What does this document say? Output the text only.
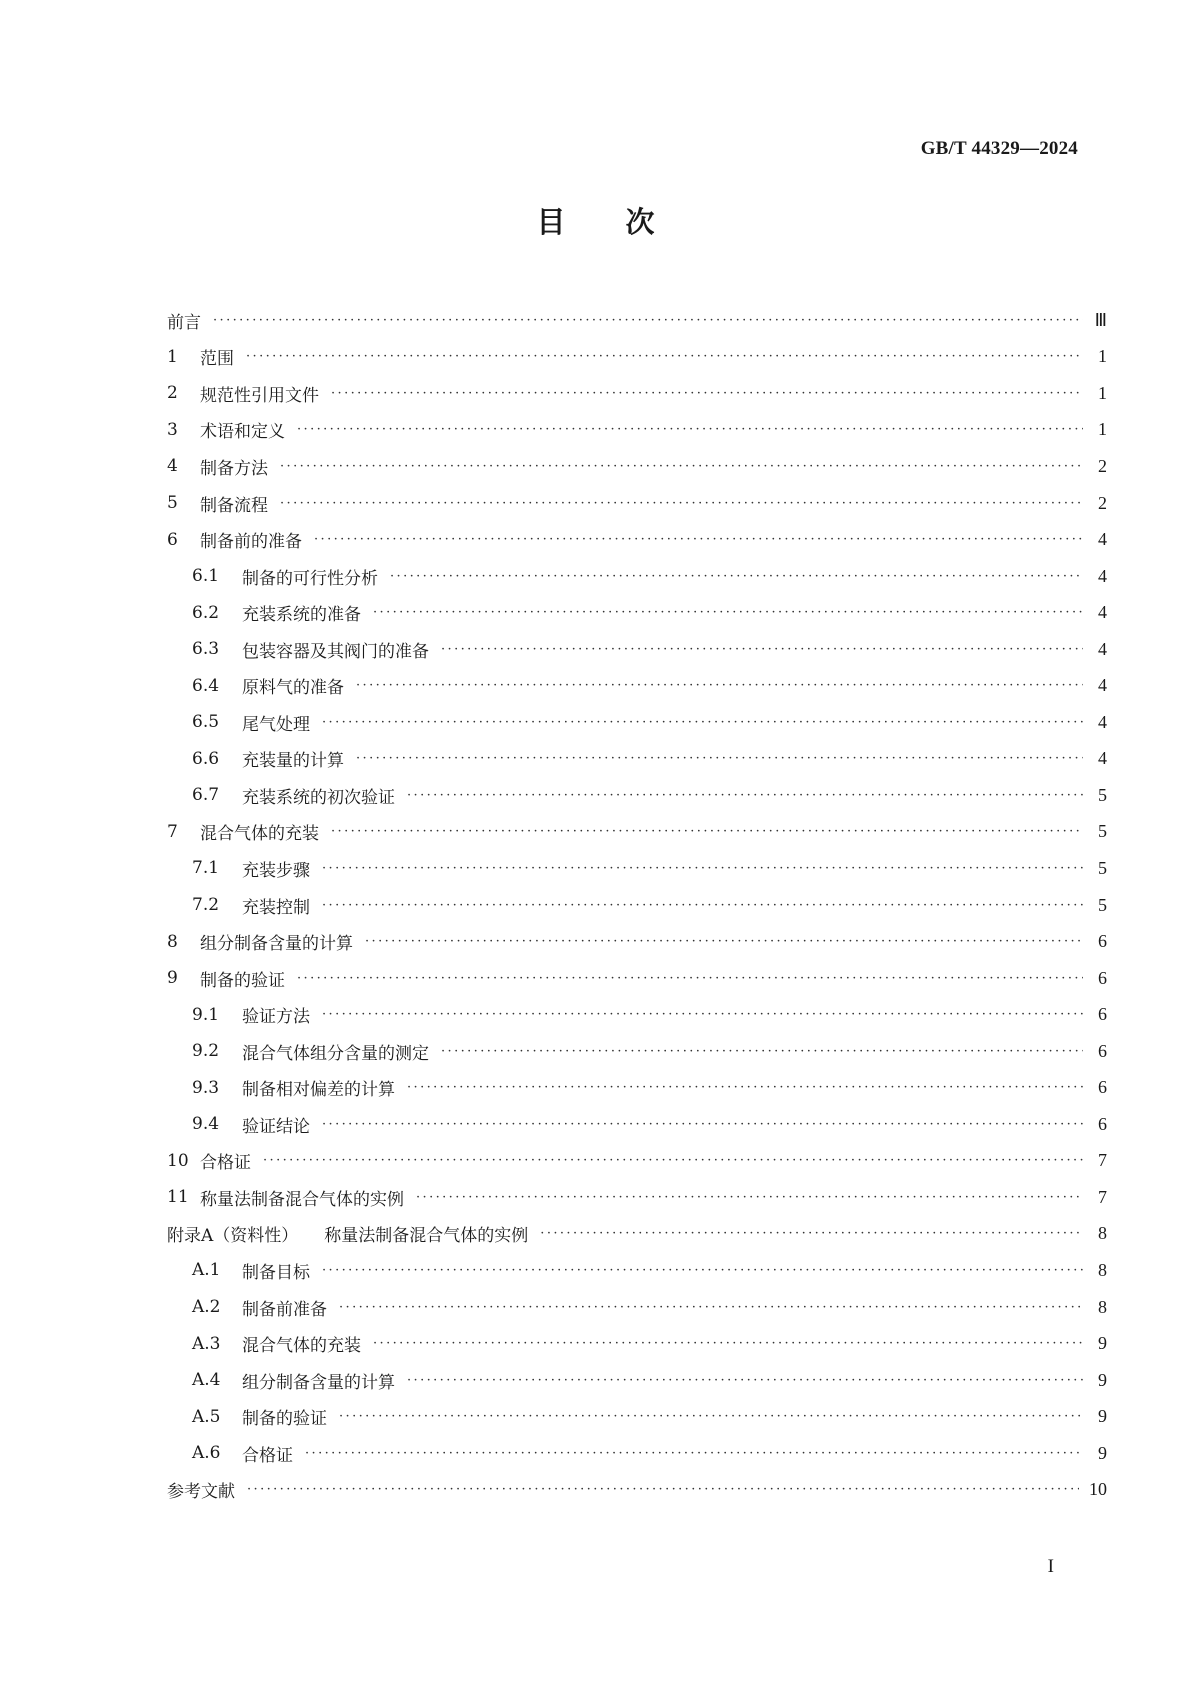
GB/T 44329—2024
目次
前言 ·····	Ⅲ
1	范围 ·····	1
2	规范性引用文件 ·····	1
3	术语和定义 ·····	1
4	制备方法 ·····	2
5	制备流程 ·····	2
6	制备前的准备 ·····	4
6.1	制备的可行性分析 ·····	4
6.2	充装系统的准备 ·····	4
6.3	包装容器及其阀门的准备 ·····	4
6.4	原料气的准备 ·····	4
6.5	尾气处理 ·····	4
6.6	充装量的计算 ·····	4
6.7	充装系统的初次验证 ·····	5
7	混合气体的充装 ·····	5
7.1	充装步骤 ·····	5
7.2	充装控制 ·····	5
8	组分制备含量的计算 ·····	6
9	制备的验证 ·····	6
9.1	验证方法 ·····	6
9.2	混合气体组分含量的测定 ·····	6
9.3	制备相对偏差的计算 ·····	6
9.4	验证结论 ·····	6
10 合格证 ·····	7
11 称量法制备混合气体的实例 ·····	7
附录A（资料性） 称量法制备混合气体的实例 ·····	8
A.1	制备目标 ·····	8
A.2	制备前准备 ·····	8
A.3	混合气体的充装 ·····	9
A.4	组分制备含量的计算 ·····	9
A.5	制备的验证 ·····	9
A.6	合格证 ·····	9
参考文献 ·····	10
I
